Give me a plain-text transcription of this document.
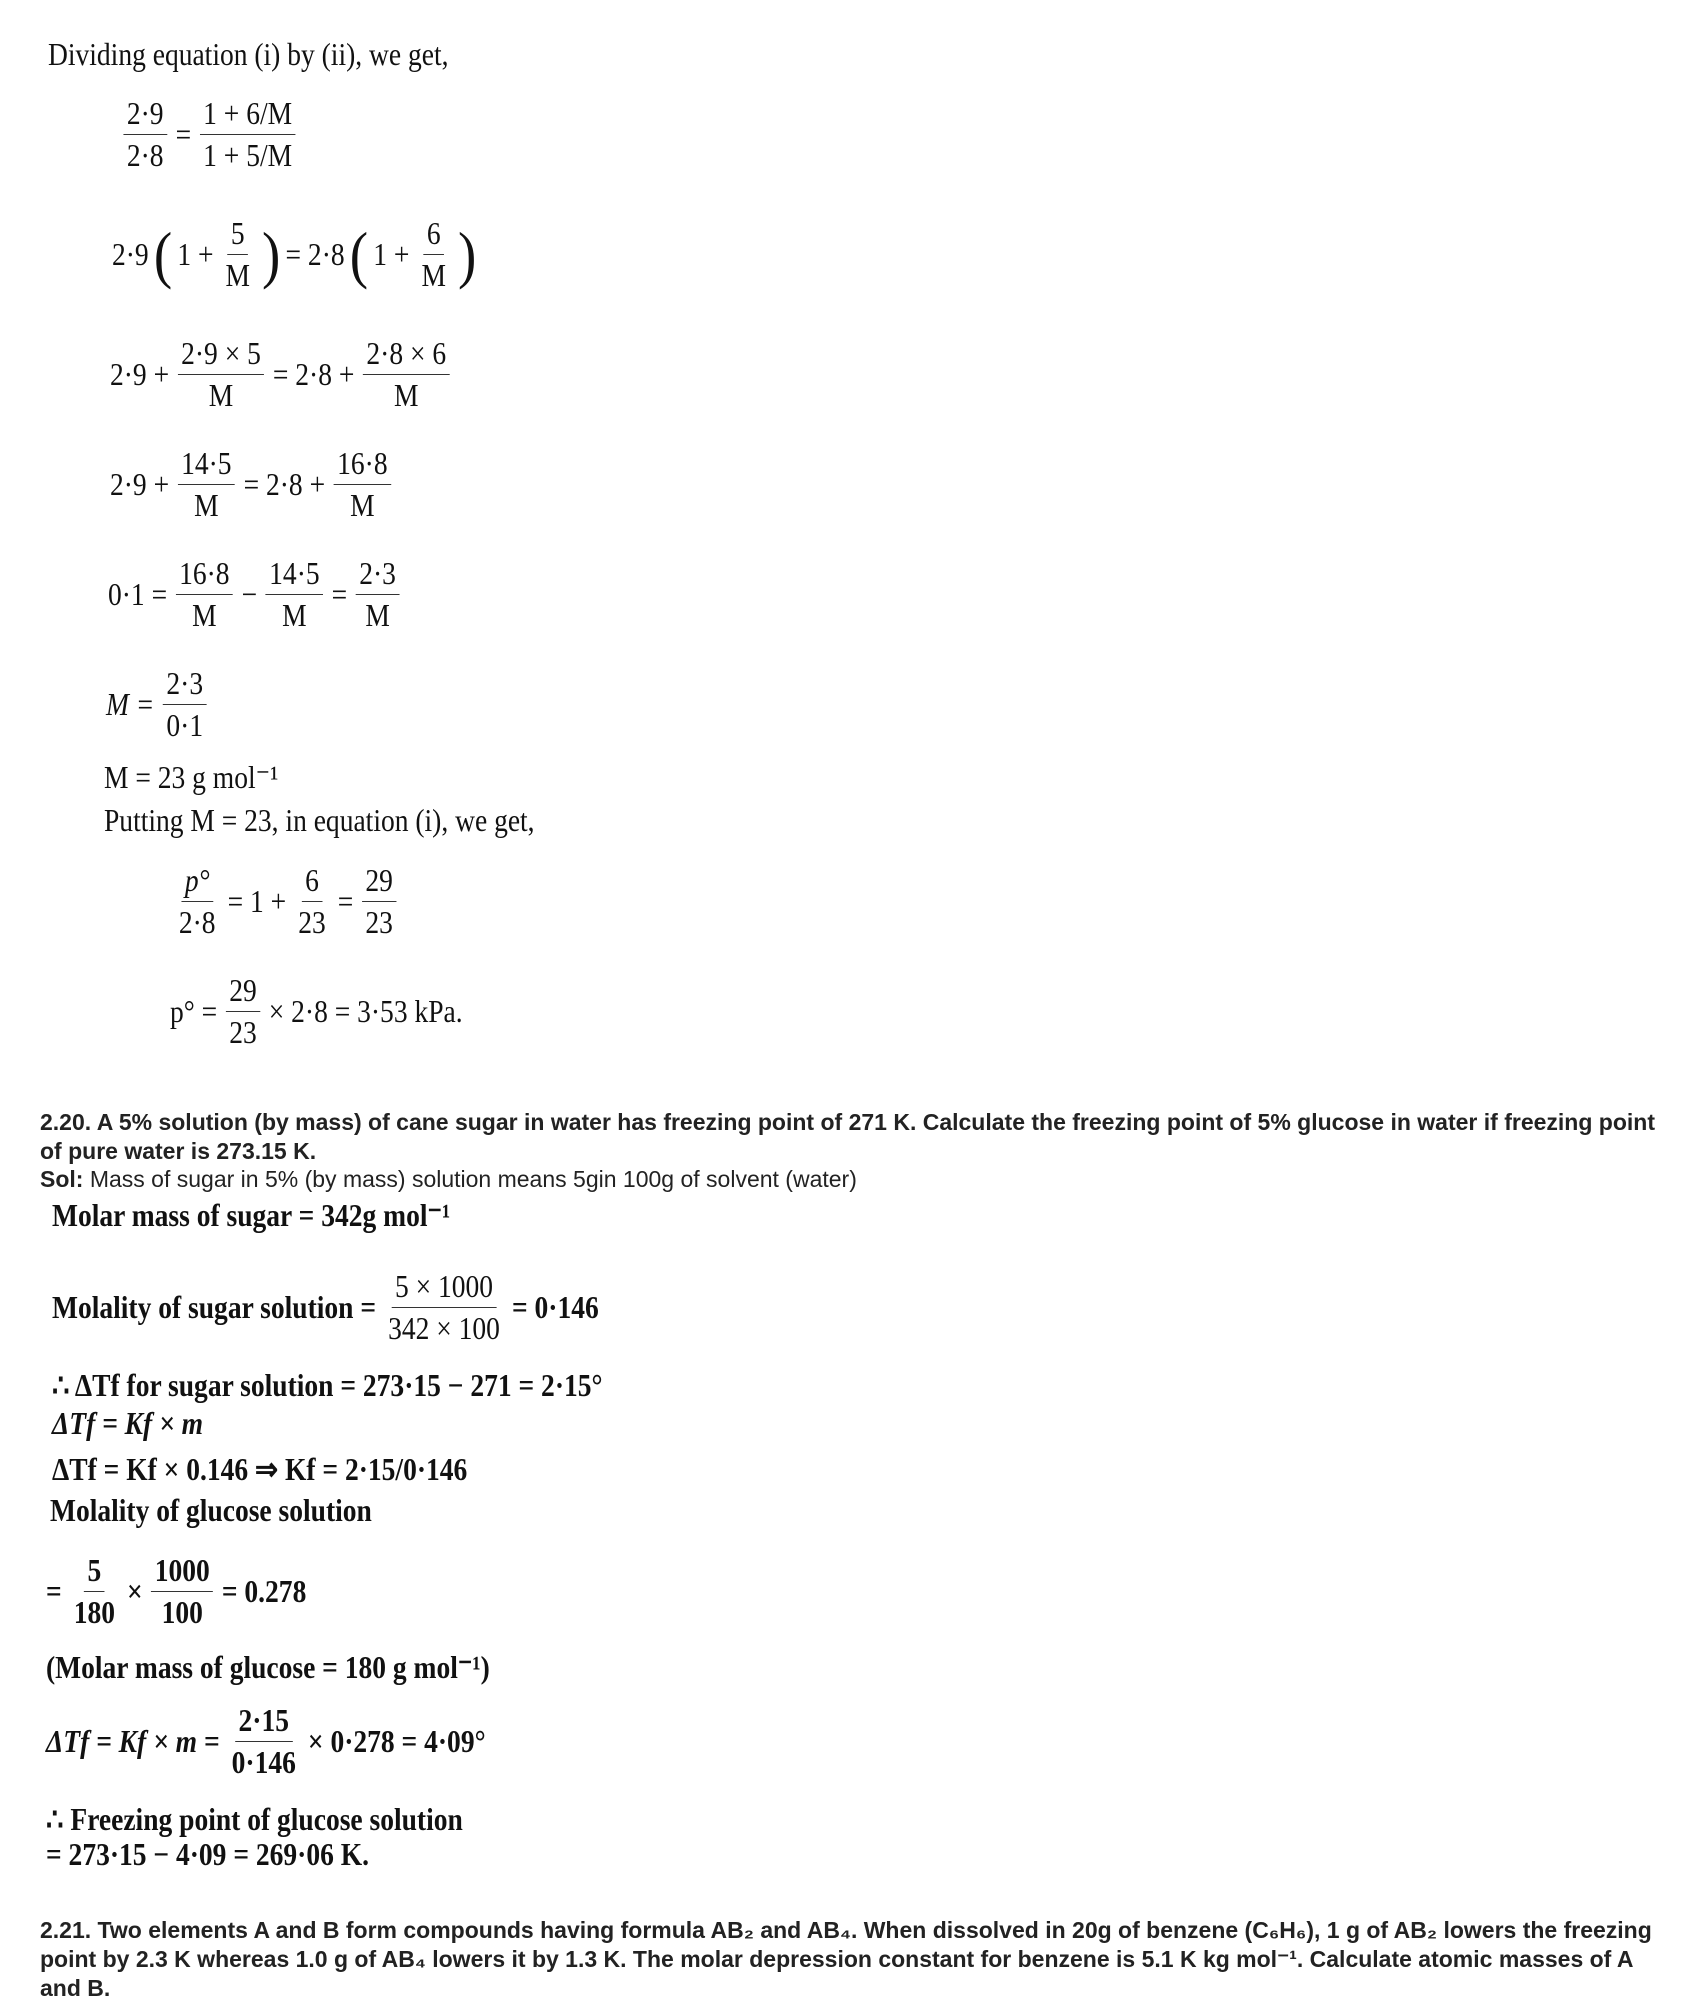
Dividing equation (i) by (ii), we get,
$\frac{2\cdot 9}{2\cdot 8} = \frac{1 + 6/M}{1 + 5/M}$
2·9 ( $1 + \frac{5}{M}$ ) = 2·8 ( $1 + \frac{6}{M}$ )
$2\cdot 9 + \frac{2\cdot 9 \times 5}{M} = 2\cdot 8 + \frac{2\cdot 8 \times 6}{M}$
$2\cdot 9 + \frac{14\cdot 5}{M} = 2\cdot 8 + \frac{16\cdot 8}{M}$
$0\cdot 1 = \frac{16\cdot 8}{M} - \frac{14\cdot 5}{M} = \frac{2\cdot 3}{M}$
$M = \frac{2\cdot 3}{0\cdot 1}$
M = 23 g mol⁻¹
Putting M = 23, in equation (i), we get,
$\frac{p^\circ}{2\cdot 8} = 1 + \frac{6}{23} = \frac{29}{23}$
$p^\circ = \frac{29}{23} \times 2\cdot 8 = 3\cdot 53$ kPa.
2.20. A 5% solution (by mass) of cane sugar in water has freezing point of 271 K. Calculate the freezing point of 5% glucose in water if freezing point of pure water is 273.15 K.
Sol: Mass of sugar in 5% (by mass) solution means 5gin 100g of solvent (water)
Molar mass of sugar = 342g mol⁻¹
Molality of sugar solution = $\frac{5 \times 1000}{342 \times 100} = 0\cdot 146$
∴ ΔTf for sugar solution = 273·15 − 271 = 2·15°
ΔTf = Kf × m
ΔTf = Kf × 0.146 ⇒ Kf = 2·15/0·146
Molality of glucose solution
= $\frac{5}{180} \times \frac{1000}{100} = 0.278$
(Molar mass of glucose = 180 g mol⁻¹)
$\Delta Tf = Kf \times m = \frac{2\cdot 15}{0\cdot 146} \times 0\cdot 278 = 4\cdot 09^\circ$
∴ Freezing point of glucose solution
= 273·15 − 4·09 = 269·06 K.
2.21. Two elements A and B form compounds having formula AB₂ and AB₄. When dissolved in 20g of benzene (C₆H₆), 1 g of AB₂ lowers the freezing point by 2.3 K whereas 1.0 g of AB₄ lowers it by 1.3 K. The molar depression constant for benzene is 5.1 K kg mol⁻¹. Calculate atomic masses of A and B.
